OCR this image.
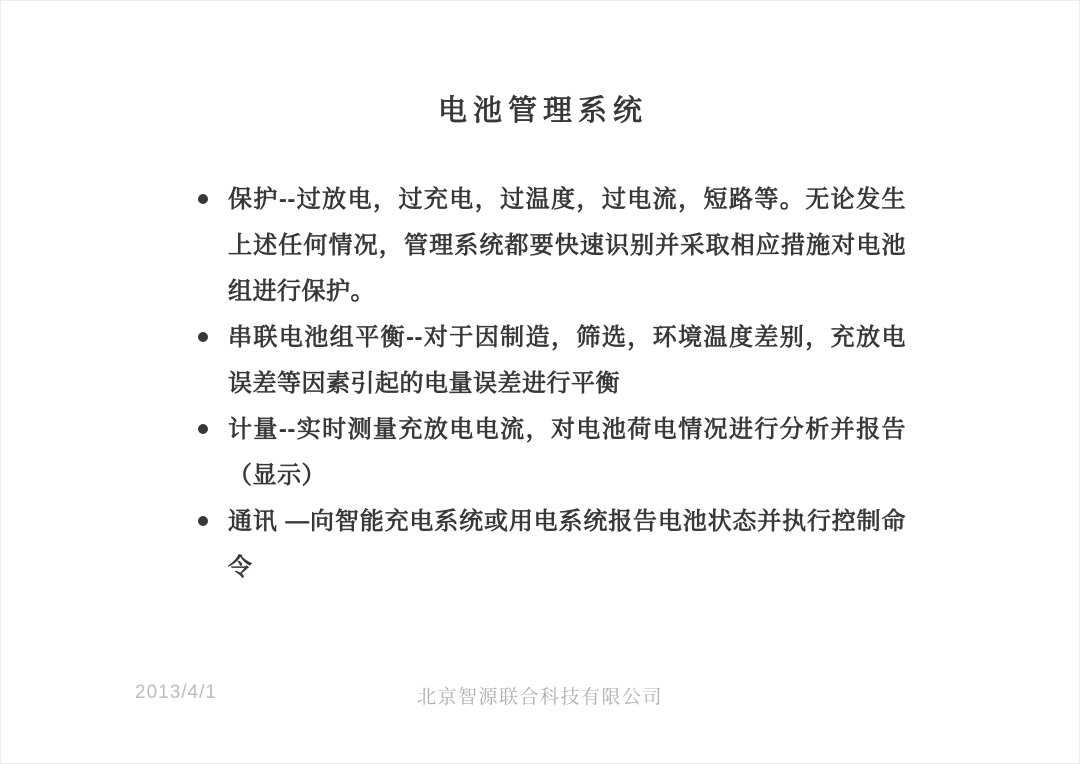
电池管理系统
保护--过放电，过充电，过温度，过电流，短路等。无论发生上述任何情况，管理系统都要快速识别并采取相应措施对电池组进行保护。
串联电池组平衡--对于因制造，筛选，环境温度差别，充放电误差等因素引起的电量误差进行平衡
计量--实时测量充放电电流，对电池荷电情况进行分析并报告（显示）
通讯 —向智能充电系统或用电系统报告电池状态并执行控制命令
2013/4/1	北京智源联合科技有限公司
